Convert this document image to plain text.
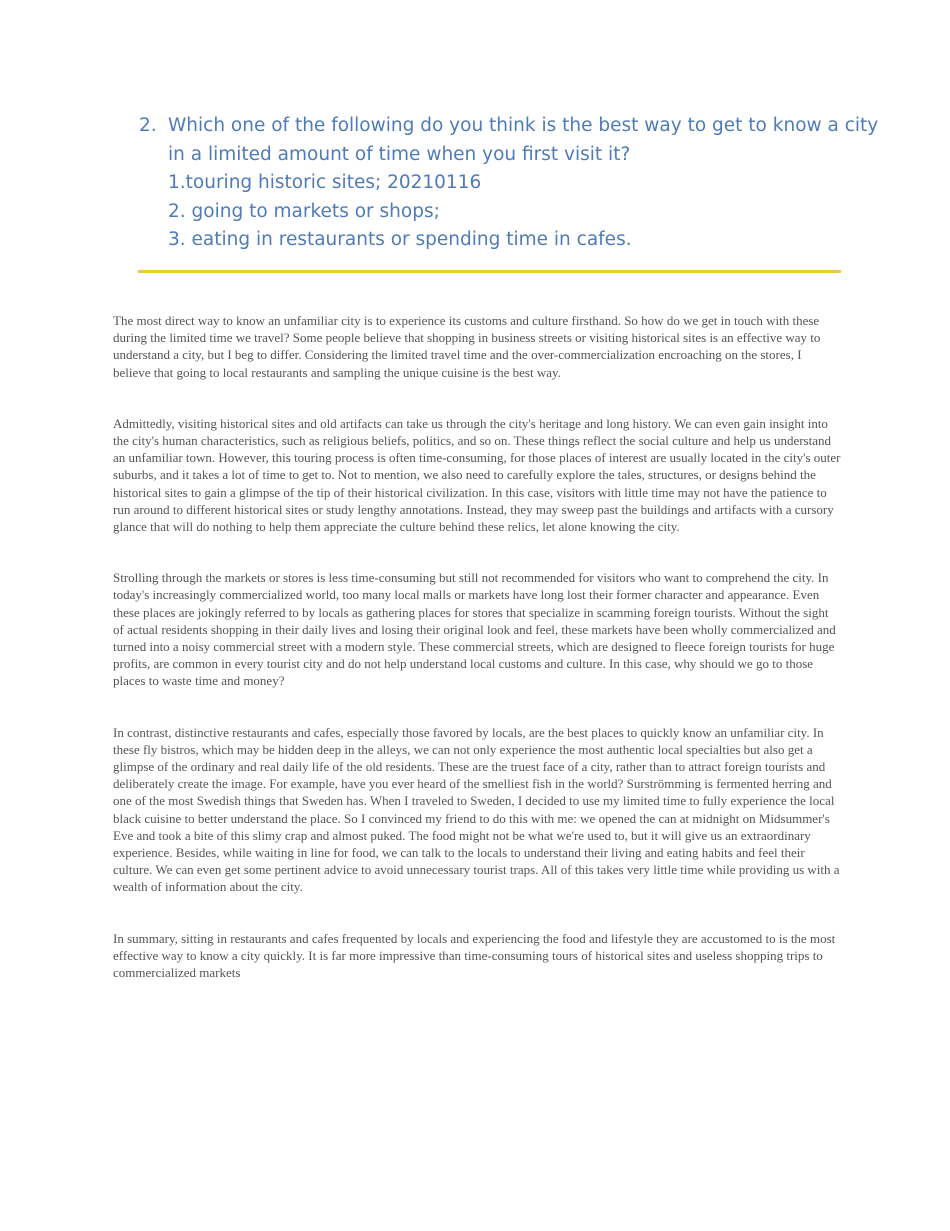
2. Which one of the following do you think is the best way to get to know a city
in a limited amount of time when you first visit it?
1.touring historic sites; 20210116
2. going to markets or shops;
3. eating in restaurants or spending time in cafes.

The most direct way to know an unfamiliar city is to experience its customs and culture firsthand. So how do we get in touch with these during the limited time we travel? Some people believe that shopping in business streets or visiting historical sites is an effective way to understand a city, but I beg to differ. Considering the limited travel time and the over-commercialization encroaching on the stores, I believe that going to local restaurants and sampling the unique cuisine is the best way.

Admittedly, visiting historical sites and old artifacts can take us through the city's heritage and long history. We can even gain insight into the city's human characteristics, such as religious beliefs, politics, and so on. These things reflect the social culture and help us understand an unfamiliar town. However, this touring process is often time-consuming, for those places of interest are usually located in the city's outer suburbs, and it takes a lot of time to get to. Not to mention, we also need to carefully explore the tales, structures, or designs behind the historical sites to gain a glimpse of the tip of their historical civilization. In this case, visitors with little time may not have the patience to run around to different historical sites or study lengthy annotations. Instead, they may sweep past the buildings and artifacts with a cursory glance that will do nothing to help them appreciate the culture behind these relics, let alone knowing the city.

Strolling through the markets or stores is less time-consuming but still not recommended for visitors who want to comprehend the city. In today's increasingly commercialized world, too many local malls or markets have long lost their former character and appearance. Even these places are jokingly referred to by locals as gathering places for stores that specialize in scamming foreign tourists. Without the sight of actual residents shopping in their daily lives and losing their original look and feel, these markets have been wholly commercialized and turned into a noisy commercial street with a modern style. These commercial streets, which are designed to fleece foreign tourists for huge profits, are common in every tourist city and do not help understand local customs and culture. In this case, why should we go to those places to waste time and money?

In contrast, distinctive restaurants and cafes, especially those favored by locals, are the best places to quickly know an unfamiliar city. In these fly bistros, which may be hidden deep in the alleys, we can not only experience the most authentic local specialties but also get a glimpse of the ordinary and real daily life of the old residents. These are the truest face of a city, rather than to attract foreign tourists and deliberately create the image. For example, have you ever heard of the smelliest fish in the world? Surströmming is fermented herring and one of the most Swedish things that Sweden has. When I traveled to Sweden, I decided to use my limited time to fully experience the local black cuisine to better understand the place. So I convinced my friend to do this with me: we opened the can at midnight on Midsummer's Eve and took a bite of this slimy crap and almost puked. The food might not be what we're used to, but it will give us an extraordinary experience. Besides, while waiting in line for food, we can talk to the locals to understand their living and eating habits and feel their culture. We can even get some pertinent advice to avoid unnecessary tourist traps. All of this takes very little time while providing us with a wealth of information about the city.

In summary, sitting in restaurants and cafes frequented by locals and experiencing the food and lifestyle they are accustomed to is the most effective way to know a city quickly. It is far more impressive than time-consuming tours of historical sites and useless shopping trips to commercialized markets
